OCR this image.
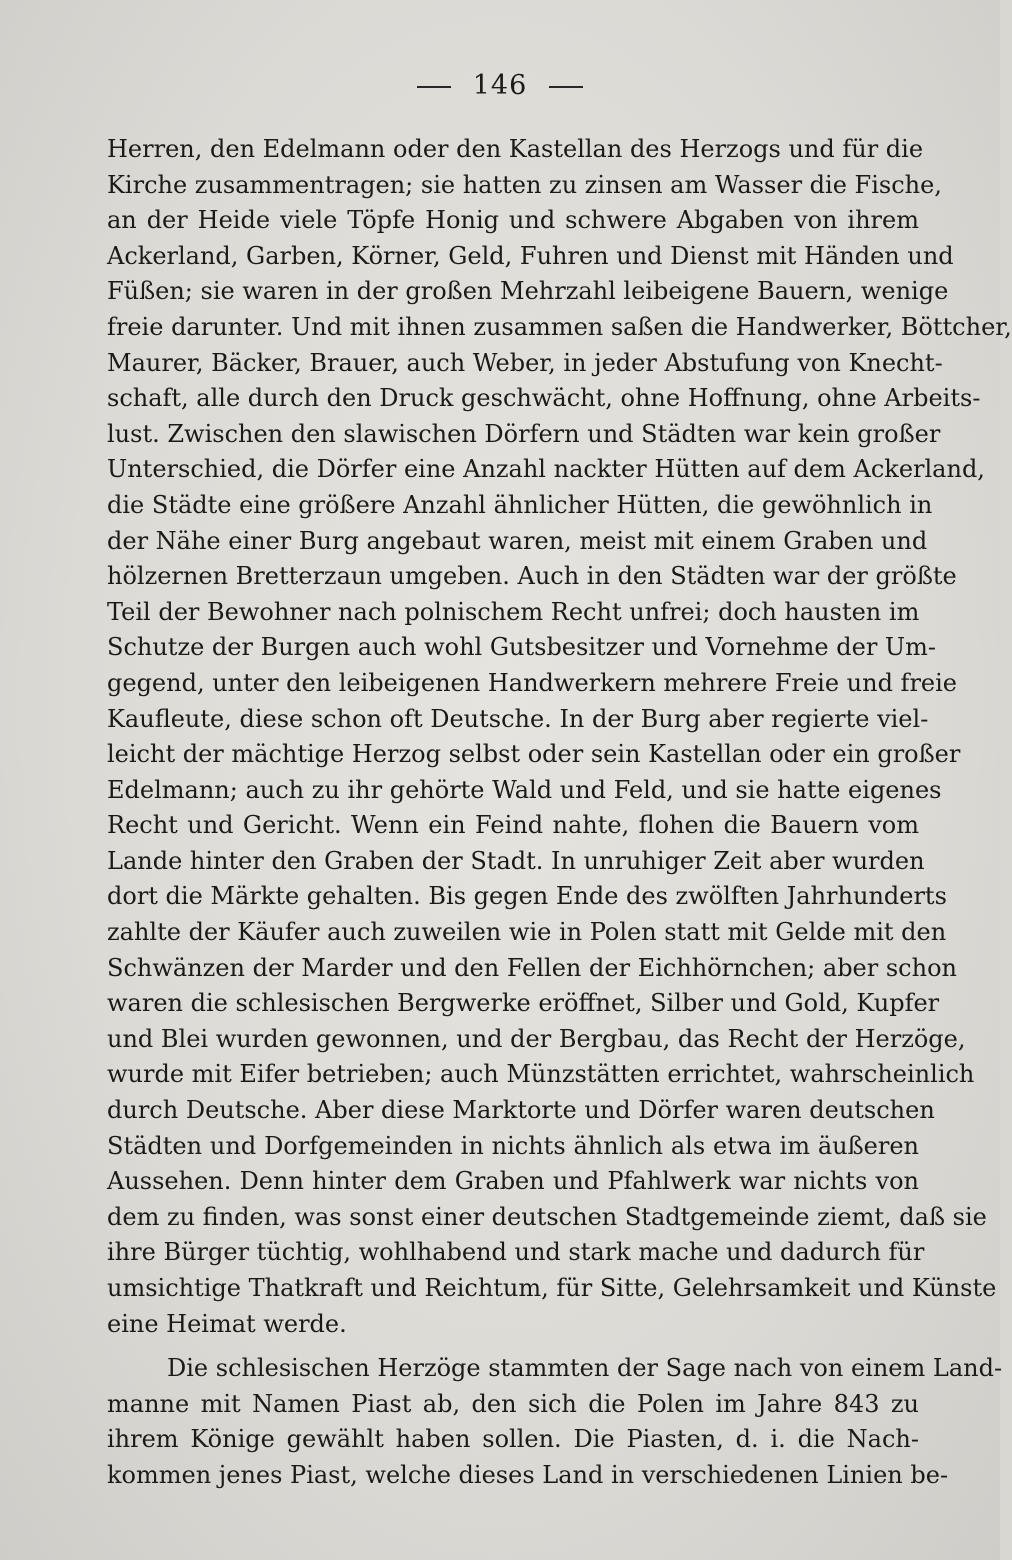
146
Herren, den Edelmann oder den Kastellan des Herzogs und für die
Kirche zusammentragen; sie hatten zu zinsen am Wasser die Fische,
an der Heide viele Töpfe Honig und schwere Abgaben von ihrem
Ackerland, Garben, Körner, Geld, Fuhren und Dienst mit Händen und
Füßen; sie waren in der großen Mehrzahl leibeigene Bauern, wenige
freie darunter. Und mit ihnen zusammen saßen die Handwerker, Böttcher,
Maurer, Bäcker, Brauer, auch Weber, in jeder Abstufung von Knecht-
schaft, alle durch den Druck geschwächt, ohne Hoffnung, ohne Arbeits-
lust. Zwischen den slawischen Dörfern und Städten war kein großer
Unterschied, die Dörfer eine Anzahl nackter Hütten auf dem Ackerland,
die Städte eine größere Anzahl ähnlicher Hütten, die gewöhnlich in
der Nähe einer Burg angebaut waren, meist mit einem Graben und
hölzernen Bretterzaun umgeben. Auch in den Städten war der größte
Teil der Bewohner nach polnischem Recht unfrei; doch hausten im
Schutze der Burgen auch wohl Gutsbesitzer und Vornehme der Um-
gegend, unter den leibeigenen Handwerkern mehrere Freie und freie
Kaufleute, diese schon oft Deutsche. In der Burg aber regierte viel-
leicht der mächtige Herzog selbst oder sein Kastellan oder ein großer
Edelmann; auch zu ihr gehörte Wald und Feld, und sie hatte eigenes
Recht und Gericht. Wenn ein Feind nahte, flohen die Bauern vom
Lande hinter den Graben der Stadt. In unruhiger Zeit aber wurden
dort die Märkte gehalten. Bis gegen Ende des zwölften Jahrhunderts
zahlte der Käufer auch zuweilen wie in Polen statt mit Gelde mit den
Schwänzen der Marder und den Fellen der Eichhörnchen; aber schon
waren die schlesischen Bergwerke eröffnet, Silber und Gold, Kupfer
und Blei wurden gewonnen, und der Bergbau, das Recht der Herzöge,
wurde mit Eifer betrieben; auch Münzstätten errichtet, wahrscheinlich
durch Deutsche. Aber diese Marktorte und Dörfer waren deutschen
Städten und Dorfgemeinden in nichts ähnlich als etwa im äußeren
Aussehen. Denn hinter dem Graben und Pfahlwerk war nichts von
dem zu finden, was sonst einer deutschen Stadtgemeinde ziemt, daß sie
ihre Bürger tüchtig, wohlhabend und stark mache und dadurch für
umsichtige Thatkraft und Reichtum, für Sitte, Gelehrsamkeit und Künste
eine Heimat werde.
Die schlesischen Herzöge stammten der Sage nach von einem Land-
manne mit Namen Piast ab, den sich die Polen im Jahre 843 zu
ihrem Könige gewählt haben sollen. Die Piasten, d. i. die Nach-
kommen jenes Piast, welche dieses Land in verschiedenen Linien be-
